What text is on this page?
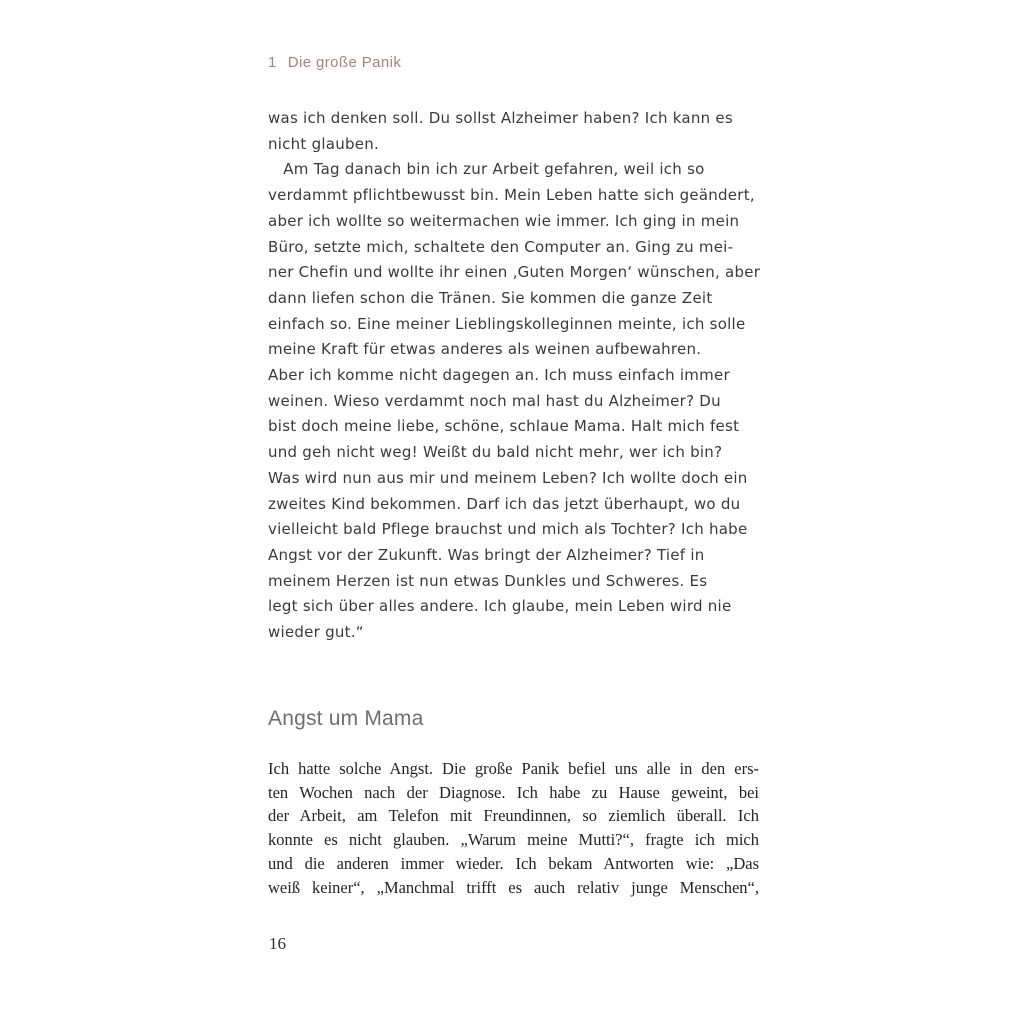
1 Die große Panik
was ich denken soll. Du sollst Alzheimer haben? Ich kann es
nicht glauben.
 Am Tag danach bin ich zur Arbeit gefahren, weil ich so
verdammt pflichtbewusst bin. Mein Leben hatte sich geändert,
aber ich wollte so weitermachen wie immer. Ich ging in mein
Büro, setzte mich, schaltete den Computer an. Ging zu mei-
ner Chefin und wollte ihr einen ‚Guten Morgen‘ wünschen, aber
dann liefen schon die Tränen. Sie kommen die ganze Zeit
einfach so. Eine meiner Lieblingskolleginnen meinte, ich solle
meine Kraft für etwas anderes als weinen aufbewahren.
Aber ich komme nicht dagegen an. Ich muss einfach immer
weinen. Wieso verdammt noch mal hast du Alzheimer? Du
bist doch meine liebe, schöne, schlaue Mama. Halt mich fest
und geh nicht weg! Weißt du bald nicht mehr, wer ich bin?
Was wird nun aus mir und meinem Leben? Ich wollte doch ein
zweites Kind bekommen. Darf ich das jetzt überhaupt, wo du
vielleicht bald Pflege brauchst und mich als Tochter? Ich habe
Angst vor der Zukunft. Was bringt der Alzheimer? Tief in
meinem Herzen ist nun etwas Dunkles und Schweres. Es
legt sich über alles andere. Ich glaube, mein Leben wird nie
wieder gut.“
Angst um Mama
Ich hatte solche Angst. Die große Panik befiel uns alle in den ers-
ten Wochen nach der Diagnose. Ich habe zu Hause geweint, bei
der Arbeit, am Telefon mit Freundinnen, so ziemlich überall. Ich
konnte es nicht glauben. „Warum meine Mutti?“, fragte ich mich
und die anderen immer wieder. Ich bekam Antworten wie: „Das
weiß keiner“, „Manchmal trifft es auch relativ junge Menschen“,
16
